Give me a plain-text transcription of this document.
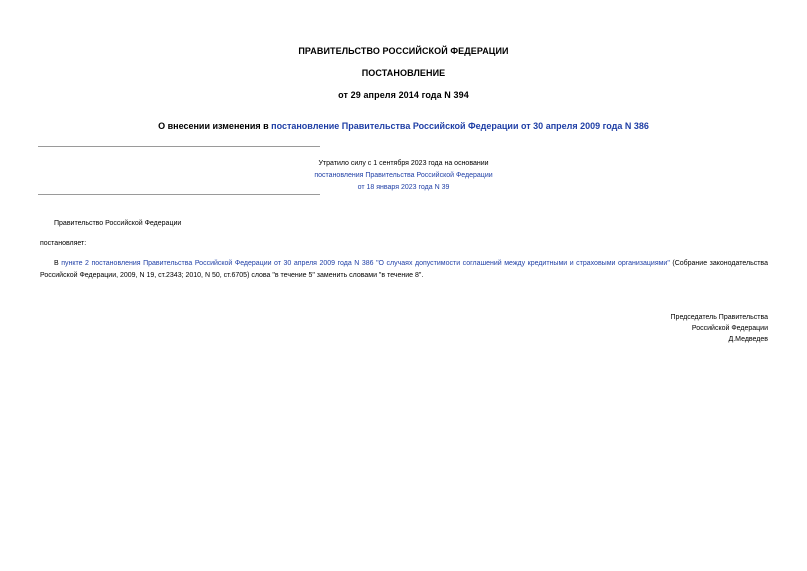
ПРАВИТЕЛЬСТВО РОССИЙСКОЙ ФЕДЕРАЦИИ
ПОСТАНОВЛЕНИЕ
от 29 апреля 2014 года N 394
О внесении изменения в постановление Правительства Российской Федерации от 30 апреля 2009 года N 386
Утратило силу с 1 сентября 2023 года на основании
постановления Правительства Российской Федерации
от 18 января 2023 года N 39
Правительство Российской Федерации
постановляет:
В пункте 2 постановления Правительства Российской Федерации от 30 апреля 2009 года N 386 "О случаях допустимости соглашений между кредитными и страховыми организациями" (Собрание законодательства Российской Федерации, 2009, N 19, ст.2343; 2010, N 50, ст.6705) слова "в течение 5" заменить словами "в течение 8".
Председатель Правительства
Российской Федерации
Д.Медведев
